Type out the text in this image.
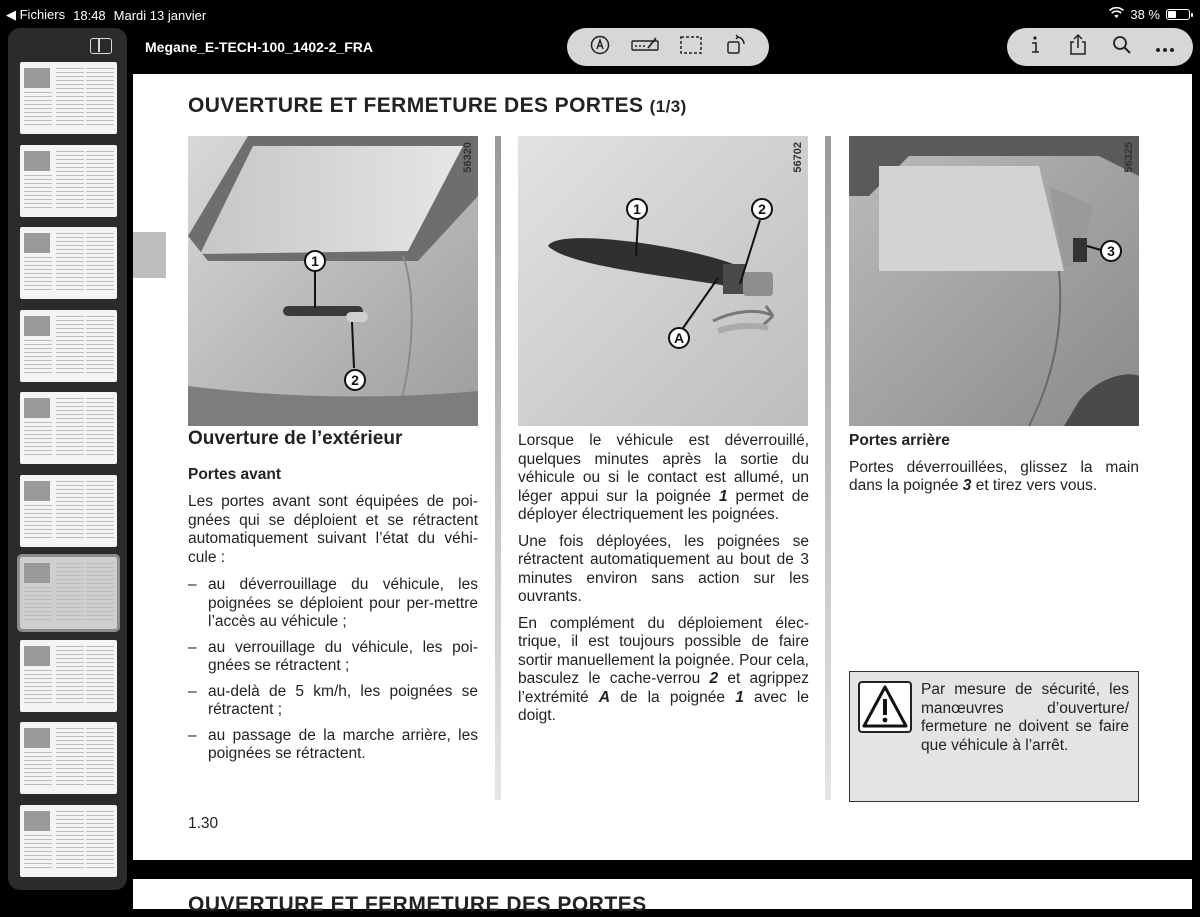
◀ Fichiers 18:48 Mardi 13 janvier	38 %
Megane_E-TECH-100_1402-2_FRA
OUVERTURE ET FERMETURE DES PORTES (1/3)
1
2
56320
1	2
A
56702
3
56325
Ouverture de l’extérieur
Portes avant
Les portes avant sont équipées de poi-gnées qui se déploient et se rétractent automatiquement suivant l’état du véhi-cule :
– au déverrouillage du véhicule, les poignées se déploient pour per-mettre l’accès au véhicule ;
– au verrouillage du véhicule, les poi-gnées se rétractent ;
– au-delà de 5 km/h, les poignées se rétractent ;
– au passage de la marche arrière, les poignées se rétractent.
Lorsque le véhicule est déverrouillé, quelques minutes après la sortie du véhicule ou si le contact est allumé, un léger appui sur la poignée 1 permet de déployer électriquement les poignées.
Une fois déployées, les poignées se rétractent automatiquement au bout de 3 minutes environ sans action sur les ouvrants.
En complément du déploiement élec-trique, il est toujours possible de faire sortir manuellement la poignée. Pour cela, basculez le cache-verrou 2 et agrippez l’extrémité A de la poignée 1 avec le doigt.
Portes arrière
Portes déverrouillées, glissez la main dans la poignée 3 et tirez vers vous.
Par mesure de sécurité, les manœuvres d’ouverture/ fermeture ne doivent se faire que véhicule à l’arrêt.
1.30
OUVERTURE ET FERMETURE DES PORTES
